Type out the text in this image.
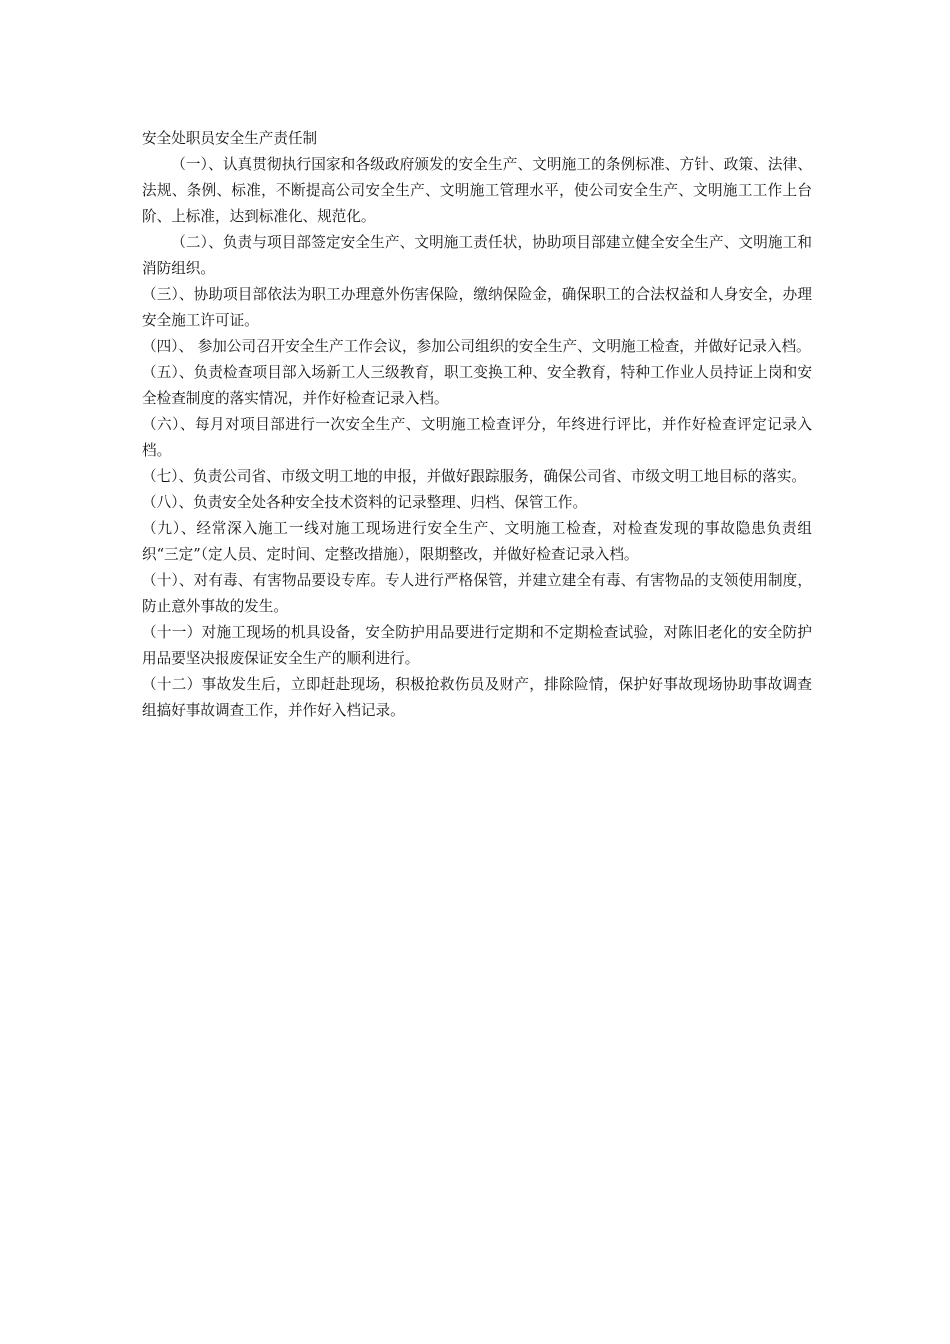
安全处职员安全生产责任制

（一）、认真贯彻执行国家和各级政府颁发的安全生产、文明施工的条例标准、方针、政策、法律、法规、条例、标准，不断提高公司安全生产、文明施工管理水平，使公司安全生产、文明施工工作上台阶、上标准，达到标准化、规范化。

（二）、负责与项目部签定安全生产、文明施工责任状，协助项目部建立健全安全生产、文明施工和消防组织。

（三）、协助项目部依法为职工办理意外伤害保险，缴纳保险金，确保职工的合法权益和人身安全，办理安全施工许可证。

（四）、 参加公司召开安全生产工作会议，参加公司组织的安全生产、文明施工检查，并做好记录入档。

（五）、负责检查项目部入场新工人三级教育，职工变换工种、安全教育，特种工作业人员持证上岗和安全检查制度的落实情况，并作好检查记录入档。

（六）、每月对项目部进行一次安全生产、文明施工检查评分，年终进行评比，并作好检查评定记录入档。

（七）、负责公司省、市级文明工地的申报，并做好跟踪服务，确保公司省、市级文明工地目标的落实。

（八）、负责安全处各种安全技术资料的记录整理、归档、保管工作。

（九）、经常深入施工一线对施工现场进行安全生产、文明施工检查，对检查发现的事故隐患负责组织“三定”（定人员、定时间、定整改措施），限期整改，并做好检查记录入档。

（十）、对有毒、有害物品要设专库。专人进行严格保管，并建立建全有毒、有害物品的支领使用制度，防止意外事故的发生。

（十一）对施工现场的机具设备，安全防护用品要进行定期和不定期检查试验，对陈旧老化的安全防护用品要坚决报废保证安全生产的顺利进行。

（十二）事故发生后，立即赶赴现场，积极抢救伤员及财产，排除险情，保护好事故现场协助事故调查组搞好事故调查工作，并作好入档记录。
